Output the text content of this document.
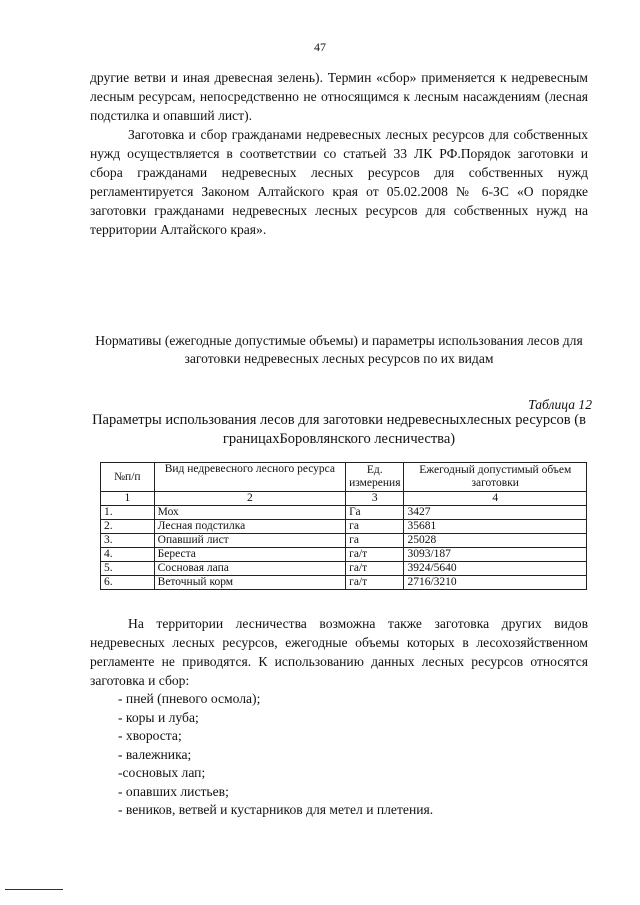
47

другие ветви и иная древесная зелень). Термин «сбор» применяется к недревесным лесным ресурсам, непосредственно не относящимся к лесным насаждениям (лесная подстилка и опавший лист).

Заготовка и сбор гражданами недревесных лесных ресурсов для собственных нужд осуществляется в соответствии со статьей 33 ЛК РФ.Порядок заготовки и сбора гражданами недревесных лесных ресурсов для собственных нужд регламентируется Законом Алтайского края от 05.02.2008 № 6-ЗС «О порядке заготовки гражданами недревесных лесных ресурсов для собственных нужд на территории Алтайского края».

Нормативы (ежегодные допустимые объемы) и параметры использования лесов для заготовки недревесных лесных ресурсов по их видам

Таблица 12

Параметры использования лесов для заготовки недревесныхлесных ресурсов (в границахБоровлянского лесничества)

№п/п	Вид недревесного лесного ресурса	Ед. измерения	Ежегодный допустимый объем заготовки
1	2	3	4
1.	Мох	Га	3427
2.	Лесная подстилка	га	35681
3.	Опавший лист	га	25028
4.	Береста	га/т	3093/187
5.	Сосновая лапа	га/т	3924/5640
6.	Веточный корм	га/т	2716/3210

На территории лесничества возможна также заготовка других видов недревесных лесных ресурсов, ежегодные объемы которых в лесохозяйственном регламенте не приводятся. К использованию данных лесных ресурсов относятся заготовка и сбор:

- пней (пневого осмола);
- коры и луба;
- хвороста;
- валежника;
-сосновых лап;
- опавших листьев;
- веников, ветвей и кустарников для метел и плетения.
